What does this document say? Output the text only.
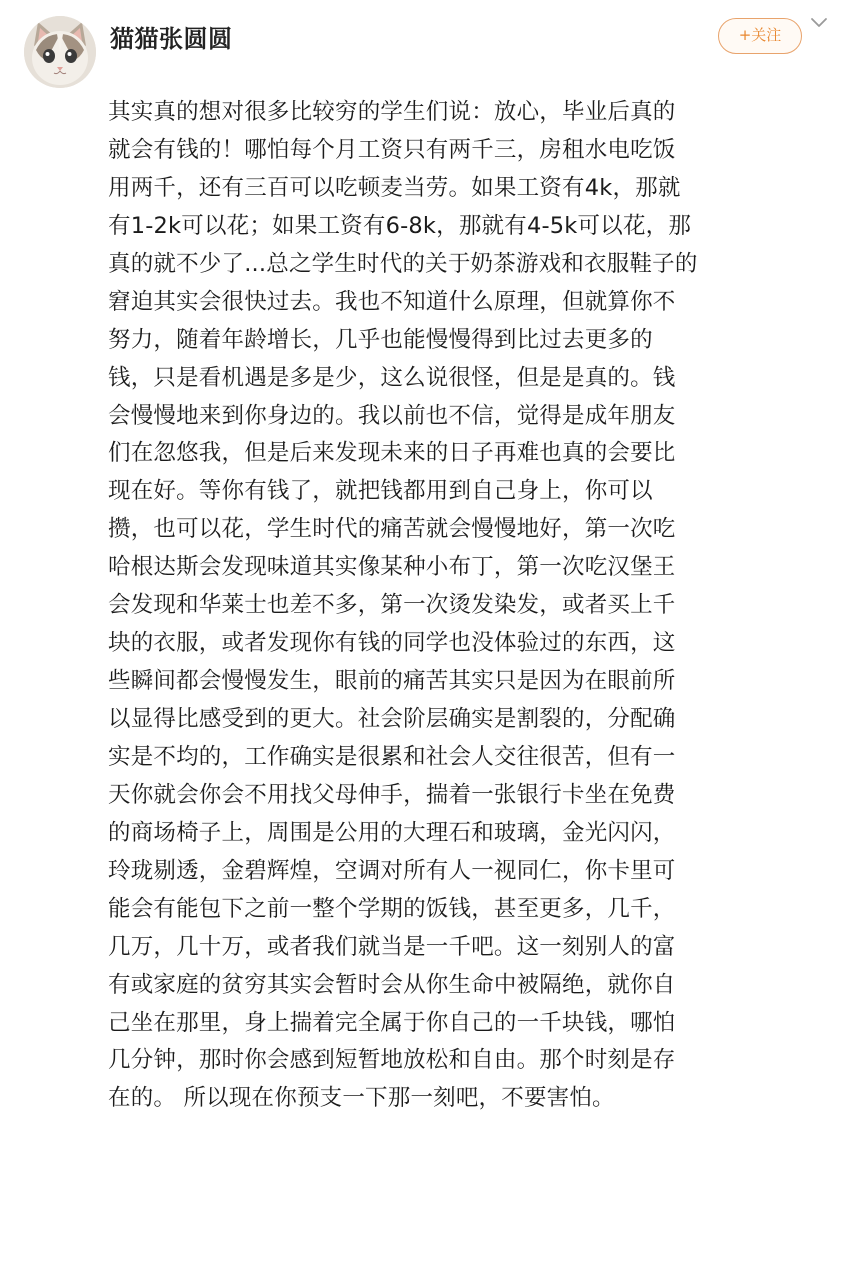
猫猫张圆圆	+关注
其实真的想对很多比较穷的学生们说：放心，毕业后真的
就会有钱的！哪怕每个月工资只有两千三，房租水电吃饭
用两千，还有三百可以吃顿麦当劳。如果工资有4k，那就
有1-2k可以花；如果工资有6-8k，那就有4-5k可以花，那
真的就不少了...总之学生时代的关于奶茶游戏和衣服鞋子的
窘迫其实会很快过去。我也不知道什么原理，但就算你不
努力，随着年龄增长，几乎也能慢慢得到比过去更多的
钱，只是看机遇是多是少，这么说很怪，但是是真的。钱
会慢慢地来到你身边的。我以前也不信，觉得是成年朋友
们在忽悠我，但是后来发现未来的日子再难也真的会要比
现在好。等你有钱了，就把钱都用到自己身上，你可以
攒，也可以花，学生时代的痛苦就会慢慢地好，第一次吃
哈根达斯会发现味道其实像某种小布丁，第一次吃汉堡王
会发现和华莱士也差不多，第一次烫发染发，或者买上千
块的衣服，或者发现你有钱的同学也没体验过的东西，这
些瞬间都会慢慢发生，眼前的痛苦其实只是因为在眼前所
以显得比感受到的更大。社会阶层确实是割裂的，分配确
实是不均的，工作确实是很累和社会人交往很苦，但有一
天你就会你会不用找父母伸手，揣着一张银行卡坐在免费
的商场椅子上，周围是公用的大理石和玻璃，金光闪闪，
玲珑剔透，金碧辉煌，空调对所有人一视同仁，你卡里可
能会有能包下之前一整个学期的饭钱，甚至更多，几千，
几万，几十万，或者我们就当是一千吧。这一刻别人的富
有或家庭的贫穷其实会暂时会从你生命中被隔绝，就你自
己坐在那里，身上揣着完全属于你自己的一千块钱，哪怕
几分钟，那时你会感到短暂地放松和自由。那个时刻是存
在的。 所以现在你预支一下那一刻吧，不要害怕。
